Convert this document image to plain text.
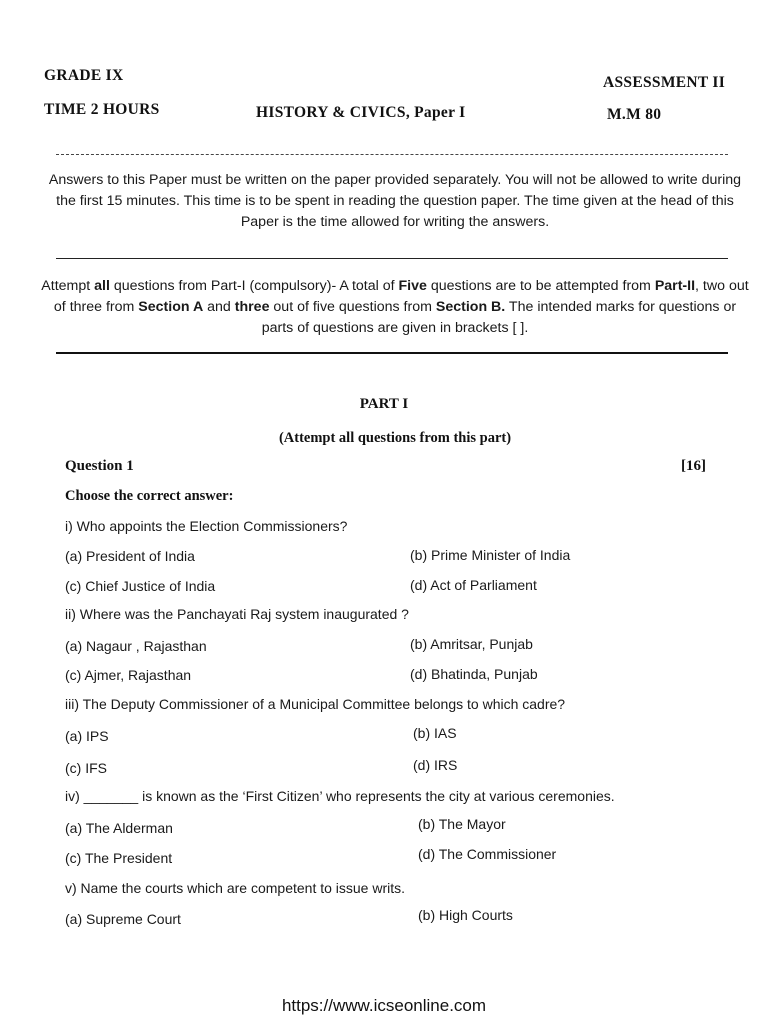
GRADE IX	ASSESSMENT II
TIME 2 HOURS	HISTORY & CIVICS, Paper I	M.M 80
Answers to this Paper must be written on the paper provided separately. You will not be allowed to write during the first 15 minutes. This time is to be spent in reading the question paper. The time given at the head of this Paper is the time allowed for writing the answers.
Attempt all questions from Part-I (compulsory)- A total of Five questions are to be attempted from Part-II, two out of three from Section A and three out of five questions from Section B. The intended marks for questions or parts of questions are given in brackets [ ].
PART I
(Attempt all questions from this part)
Question 1	[16]
Choose the correct answer:
i) Who appoints the Election Commissioners?
(a) President of India	(b) Prime Minister of India
(c) Chief Justice of India	(d) Act of Parliament
ii) Where was the Panchayati Raj system inaugurated ?
(a) Nagaur , Rajasthan	(b) Amritsar, Punjab
(c) Ajmer, Rajasthan	(d) Bhatinda, Punjab
iii) The Deputy Commissioner of a Municipal Committee belongs to which cadre?
(a) IPS	(b) IAS
(c) IFS	(d) IRS
iv) _______ is known as the ‘First Citizen’ who represents the city at various ceremonies.
(a) The Alderman	(b) The Mayor
(c) The President	(d) The Commissioner
v) Name the courts which are competent to issue writs.
(a) Supreme Court	(b) High Courts
https://www.icseonline.com
